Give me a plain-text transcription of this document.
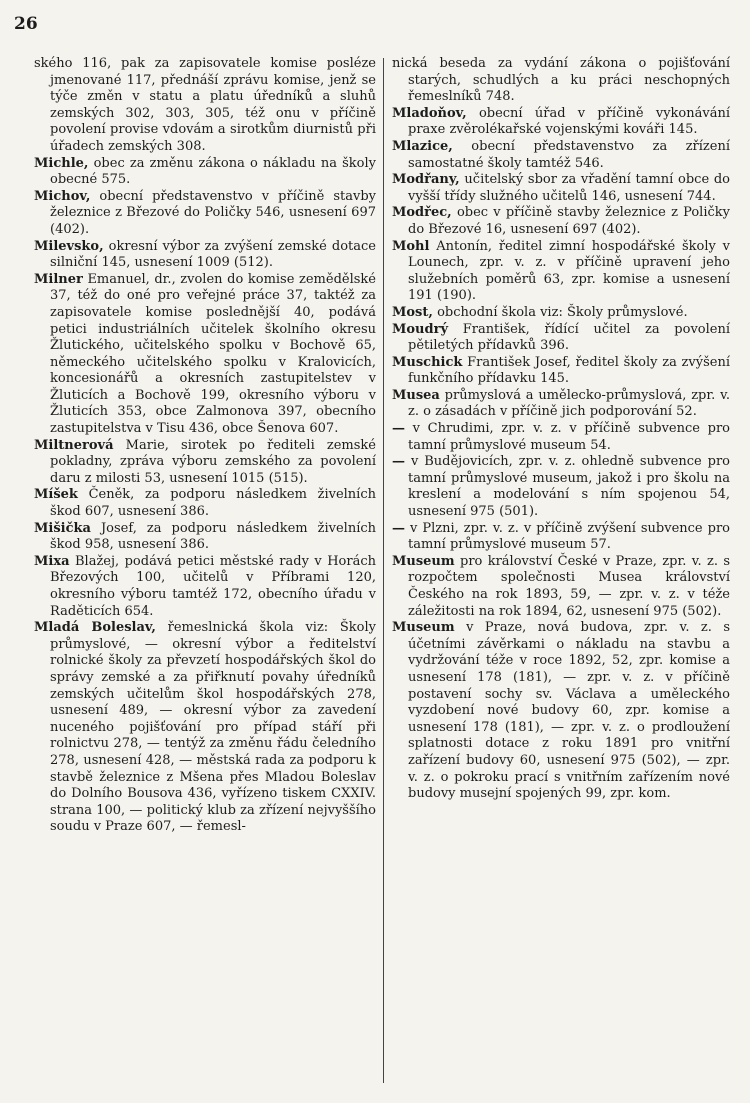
26

ského 116, pak za zapisovatele komise posléze jmenované 117, přednáší zprávu komise, jenž se týče změn v statu a platu úředníků a sluhů zemských 302, 303, 305, též onu v příčině povolení provise vdovám a sirotkům diurnistů při úřadech zemských 308.

Michle, obec za změnu zákona o nákladu na školy obecné 575.

Michov, obecní představenstvo v příčině stavby železnice z Březové do Poličky 546, usnesení 697 (402).

Milevsko, okresní výbor za zvýšení zemské dotace silniční 145, usnesení 1009 (512).

Milner Emanuel, dr., zvolen do komise zemědělské 37, též do oné pro veřejné práce 37, taktéž za zapisovatele komise poslednější 40, podává petici industriálních učitelek školního okresu Žlutického, učitelského spolku v Bochově 65, německého učitelského spolku v Kralovicích, koncesionářů a okresních zastupitelstev v Žluticích a Bochově 199, okresního výboru v Žluticích 353, obce Zalmonova 397, obecního zastupitelstva v Tisu 436, obce Šenova 607.

Miltnerová Marie, sirotek po řediteli zemské pokladny, zpráva výboru zemského za povolení daru z milosti 53, usnesení 1015 (515).

Míšek Čeněk, za podporu následkem živelních škod 607, usnesení 386.

Mišička Josef, za podporu následkem živelních škod 958, usnesení 386.

Mixa Blažej, podává petici městské rady v Horách Březových 100, učitelů v Příbrami 120, okresního výboru tamtéž 172, obecního úřadu v Raděticích 654.

Mladá Boleslav, řemeslnická škola viz: Školy průmyslové, — okresní výbor a ředitelství rolnické školy za převzetí hospodářských škol do správy zemské a za přiřknutí povahy úředníků zemských učitelům škol hospodářských 278, usnesení 489, — okresní výbor za zavedení nuceného pojišťování pro případ stáří při rolnictvu 278, — tentýž za změnu řádu čeledního 278, usnesení 428, — městská rada za podporu k stavbě železnice z Mšena přes Mladou Boleslav do Dolního Bousova 436, vyřízeno tiskem CXXIV. strana 100, — politický klub za zřízení nejvyššího soudu v Praze 607, — řemesl-

nická beseda za vydání zákona o pojišťování starých, schudlých a ku práci neschopných řemeslníků 748.

Mladoňov, obecní úřad v příčině vykonávání praxe zvěrolékařské vojenskými kováři 145.

Mlazice, obecní představenstvo za zřízení samostatné školy tamtéž 546.

Modřany, učitelský sbor za vřadění tamní obce do vyšší třídy služného učitelů 146, usnesení 744.

Modřec, obec v příčině stavby železnice z Poličky do Březové 16, usnesení 697 (402).

Mohl Antonín, ředitel zimní hospodářské školy v Lounech, zpr. v. z. v příčině upravení jeho služebních poměrů 63, zpr. komise a usnesení 191 (190).

Most, obchodní škola viz: Školy průmyslové.

Moudrý František, řídící učitel za povolení pětiletých přídavků 396.

Muschick František Josef, ředitel školy za zvýšení funkčního přídavku 145.

Musea průmyslová a umělecko-průmyslová, zpr. v. z. o zásadách v příčině jich podporování 52.

— v Chrudimi, zpr. v. z. v příčině subvence pro tamní průmyslové museum 54.

— v Budějovicích, zpr. v. z. ohledně subvence pro tamní průmyslové museum, jakož i pro školu na kreslení a modelování s ním spojenou 54, usnesení 975 (501).

— v Plzni, zpr. v. z. v příčině zvýšení subvence pro tamní průmyslové museum 57.

Museum pro království České v Praze, zpr. v. z. s rozpočtem společnosti Musea království Českého na rok 1893, 59, — zpr. v. z. v téže záležitosti na rok 1894, 62, usnesení 975 (502).

Museum v Praze, nová budova, zpr. v. z. s účetními závěrkami o nákladu na stavbu a vydržování téže v roce 1892, 52, zpr. komise a usnesení 178 (181), — zpr. v. z. v příčině postavení sochy sv. Václava a uměleckého vyzdobení nové budovy 60, zpr. komise a usnesení 178 (181), — zpr. v. z. o prodloužení splatnosti dotace z roku 1891 pro vnitřní zařízení budovy 60, usnesení 975 (502), — zpr. v. z. o pokroku prací s vnitřním zařízením nové budovy musejní spojených 99, zpr. kom.
